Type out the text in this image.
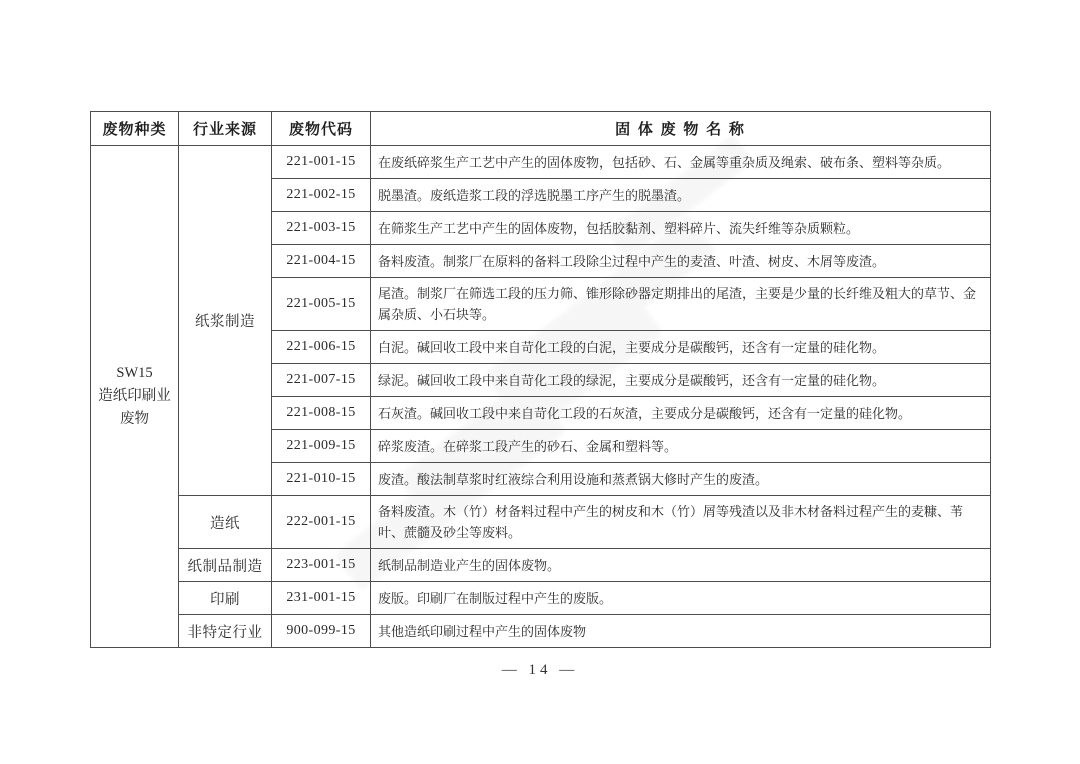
废物种类	行业来源	废物代码	固 体 废 物 名 称

SW15
造纸印刷业
废物	纸浆制造	221-001-15	在废纸碎浆生产工艺中产生的固体废物，包括砂、石、金属等重杂质及绳索、破布条、塑料等杂质。
		221-002-15	脱墨渣。废纸造浆工段的浮选脱墨工序产生的脱墨渣。
		221-003-15	在筛浆生产工艺中产生的固体废物，包括胶黏剂、塑料碎片、流失纤维等杂质颗粒。
		221-004-15	备料废渣。制浆厂在原料的备料工段除尘过程中产生的麦渣、叶渣、树皮、木屑等废渣。
		221-005-15	尾渣。制浆厂在筛选工段的压力筛、锥形除砂器定期排出的尾渣，主要是少量的长纤维及粗大的草节、金属杂质、小石块等。
		221-006-15	白泥。碱回收工段中来自苛化工段的白泥，主要成分是碳酸钙，还含有一定量的硅化物。
		221-007-15	绿泥。碱回收工段中来自苛化工段的绿泥，主要成分是碳酸钙，还含有一定量的硅化物。
		221-008-15	石灰渣。碱回收工段中来自苛化工段的石灰渣，主要成分是碳酸钙，还含有一定量的硅化物。
		221-009-15	碎浆废渣。在碎浆工段产生的砂石、金属和塑料等。
		221-010-15	废渣。酸法制草浆时红液综合利用设施和蒸煮锅大修时产生的废渣。
	造纸	222-001-15	备料废渣。木（竹）材备料过程中产生的树皮和木（竹）屑等残渣以及非木材备料过程产生的麦糠、苇叶、蔗髓及砂尘等废料。
	纸制品制造	223-001-15	纸制品制造业产生的固体废物。
	印刷	231-001-15	废版。印刷厂在制版过程中产生的废版。
	非特定行业	900-099-15	其他造纸印刷过程中产生的固体废物
— 14 —
